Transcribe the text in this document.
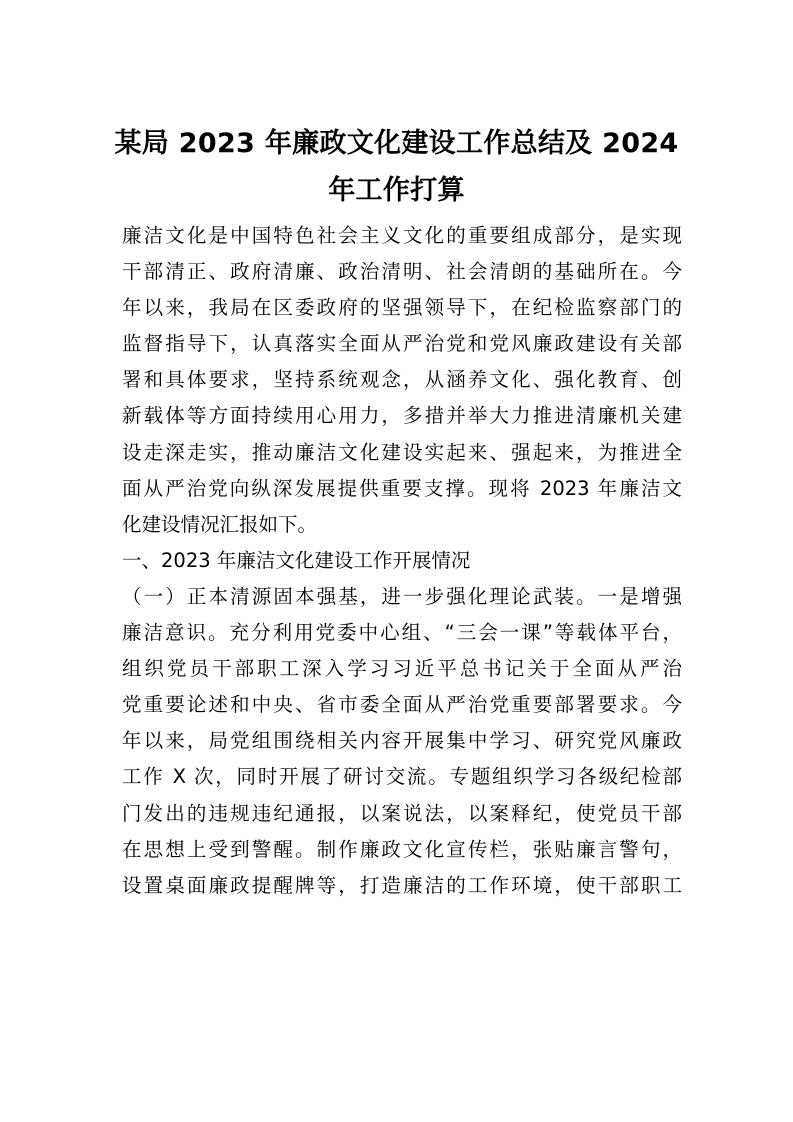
某局 2023 年廉政文化建设工作总结及 2024
年工作打算
廉洁文化是中国特色社会主义文化的重要组成部分，是实现
干部清正、政府清廉、政治清明、社会清朗的基础所在。今
年以来，我局在区委政府的坚强领导下，在纪检监察部门的
监督指导下，认真落实全面从严治党和党风廉政建设有关部
署和具体要求，坚持系统观念，从涵养文化、强化教育、创
新载体等方面持续用心用力，多措并举大力推进清廉机关建
设走深走实，推动廉洁文化建设实起来、强起来，为推进全
面从严治党向纵深发展提供重要支撑。现将 2023 年廉洁文
化建设情况汇报如下。
一、2023 年廉洁文化建设工作开展情况
（一）正本清源固本强基，进一步强化理论武装。一是增强
廉洁意识。充分利用党委中心组、“三会一课”等载体平台，
组织党员干部职工深入学习习近平总书记关于全面从严治
党重要论述和中央、省市委全面从严治党重要部署要求。今
年以来，局党组围绕相关内容开展集中学习、研究党风廉政
工作 X 次，同时开展了研讨交流。专题组织学习各级纪检部
门发出的违规违纪通报，以案说法，以案释纪，使党员干部
在思想上受到警醒。制作廉政文化宣传栏，张贴廉言警句，
设置桌面廉政提醒牌等，打造廉洁的工作环境，使干部职工
